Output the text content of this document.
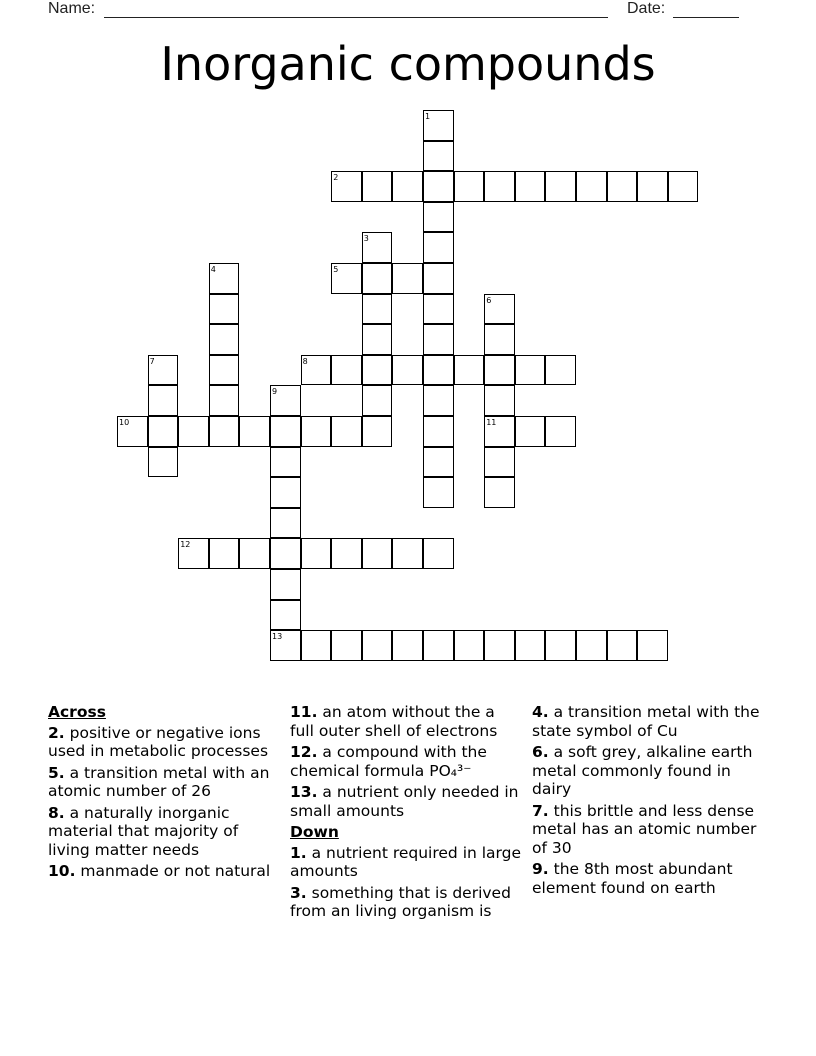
Name:	Date:
Inorganic compounds
1
2
3
4	5
6
7	8
9
10	11
12
13

Across

2. positive or negative ions used in metabolic processes

5. a transition metal with an atomic number of 26

8. a naturally inorganic material that majority of living matter needs

10. manmade or not natural

11. an atom without the a full outer shell of electrons

12. a compound with the chemical formula PO₄³⁻

13. a nutrient only needed in small amounts

Down

1. a nutrient required in large amounts

3. something that is derived from an living organism is

4. a transition metal with the state symbol of Cu

6. a soft grey, alkaline earth metal commonly found in dairy

7. this brittle and less dense metal has an atomic number of 30

9. the 8th most abundant element found on earth
